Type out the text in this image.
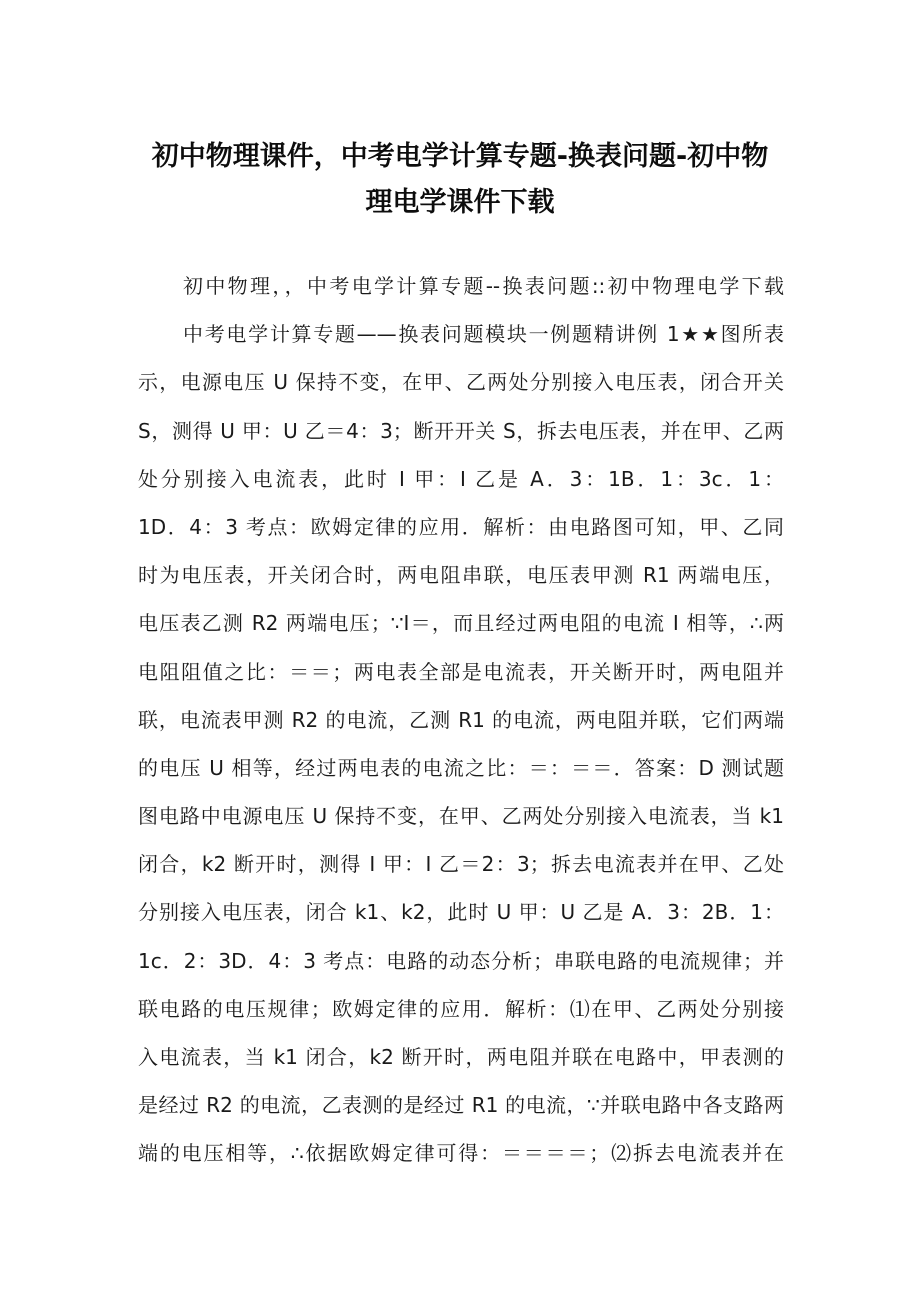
初中物理课件，中考电学计算专题-换表问题-初中物
理电学课件下载
初中物理，，中考电学计算专题--换表问题::初中物理电学下载
中考电学计算专题——换表问题模块一例题精讲例 1★★图所表
示，电源电压 U 保持不变，在甲、乙两处分别接入电压表，闭合开关
S，测得 U 甲：U 乙＝4：3；断开开关 S，拆去电压表，并在甲、乙两
处分别接入电流表，此时 I 甲：I 乙是 A．3：1B．1：3c．1：
1D．4：3 考点：欧姆定律的应用．解析：由电路图可知，甲、乙同
时为电压表，开关闭合时，两电阻串联，电压表甲测 R1 两端电压，
电压表乙测 R2 两端电压；∵I＝，而且经过两电阻的电流 I 相等，∴两
电阻阻值之比：＝＝；两电表全部是电流表，开关断开时，两电阻并
联，电流表甲测 R2 的电流，乙测 R1 的电流，两电阻并联，它们两端
的电压 U 相等，经过两电表的电流之比：＝：＝＝．答案：D 测试题
图电路中电源电压 U 保持不变，在甲、乙两处分别接入电流表，当 k1
闭合，k2 断开时，测得 I 甲：I 乙＝2：3；拆去电流表并在甲、乙处
分别接入电压表，闭合 k1、k2，此时 U 甲：U 乙是 A．3：2B．1：
1c．2：3D．4：3 考点：电路的动态分析；串联电路的电流规律；并
联电路的电压规律；欧姆定律的应用．解析：⑴在甲、乙两处分别接
入电流表，当 k1 闭合，k2 断开时，两电阻并联在电路中，甲表测的
是经过 R2 的电流，乙表测的是经过 R1 的电流，∵并联电路中各支路两
端的电压相等，∴依据欧姆定律可得：＝＝＝＝；⑵拆去电流表并在
